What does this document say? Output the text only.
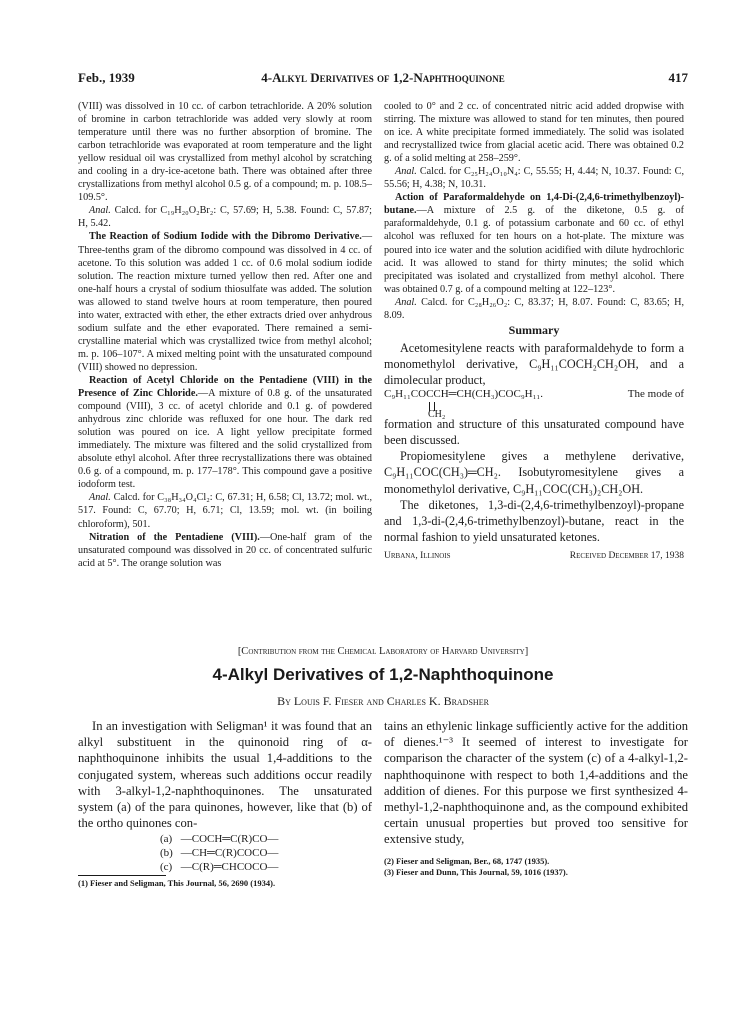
Feb., 1939	4-Alkyl Derivatives of 1,2-Naphthoquinone	417

(VIII) was dissolved in 10 cc. of carbon tetrachloride. A 20% solution of bromine in carbon tetrachloride was added very slowly at room temperature until there was no further absorption of bromine. The carbon tetrachloride was evaporated at room temperature and the light yellow residual oil was crystallized from methyl alcohol by scratching and cooling in a dry-ice-acetone bath. There was obtained after three crystallizations from methyl alcohol 0.5 g. of a compound; m. p. 108.5–109.5°.

Anal. Calcd. for C₁₉H₂₀O₂Br₂: C, 57.69; H, 5.38. Found: C, 57.87; H, 5.42.

The Reaction of Sodium Iodide with the Dibromo Derivative.—Three-tenths gram of the dibromo compound was dissolved in 4 cc. of acetone. To this solution was added 1 cc. of 0.6 molal sodium iodide solution. The reaction mixture turned yellow then red. After one and one-half hours a crystal of sodium thiosulfate was added. The solution was allowed to stand twelve hours at room temperature, then poured into water, extracted with ether, the ether extracts dried over anhydrous sodium sulfate and the ether evaporated. There remained a semi-crystalline material which was crystallized twice from methyl alcohol; m. p. 106–107°. A mixed melting point with the unsaturated compound (VIII) showed no depression.

Reaction of Acetyl Chloride on the Pentadiene (VIII) in the Presence of Zinc Chloride.—A mixture of 0.8 g. of the unsaturated compound (VIII), 3 cc. of acetyl chloride and 0.1 g. of powdered anhydrous zinc chloride was refluxed for one hour. The dark red solution was poured on ice. A light yellow precipitate formed immediately. The mixture was filtered and the solid crystallized from absolute ethyl alcohol. After three recrystallizations there was obtained 0.6 g. of a compound, m. p. 177–178°. This compound gave a positive iodoform test.

Anal. Calcd. for C₃₈H₃₄O₄Cl₂: C, 67.31; H, 6.58; Cl, 13.72; mol. wt., 517. Found: C, 67.70; H, 6.71; Cl, 13.59; mol. wt. (in boiling chloroform), 501.

Nitration of the Pentadiene (VIII).—One-half gram of the unsaturated compound was dissolved in 20 cc. of concentrated sulfuric acid at 5°. The orange solution was

cooled to 0° and 2 cc. of concentrated nitric acid added dropwise with stirring. The mixture was allowed to stand for ten minutes, then poured on ice. A white precipitate formed immediately. The solid was isolated and recrystallized twice from glacial acetic acid. There was obtained 0.2 g. of a solid melting at 258–259°.

Anal. Calcd. for C₂₅H₂₄O₁₀N₄: C, 55.55; H, 4.44; N, 10.37. Found: C, 55.56; H, 4.38; N, 10.31.

Action of Paraformaldehyde on 1,4-Di-(2,4,6-trimethylbenzoyl)-butane.—A mixture of 2.5 g. of the diketone, 0.5 g. of paraformaldehyde, 0.1 g. of potassium carbonate and 60 cc. of ethyl alcohol was refluxed for ten hours on a hot-plate. The mixture was poured into ice water and the solution acidified with dilute hydrochloric acid. It was allowed to stand for thirty minutes; the solid which precipitated was isolated and crystallized from methyl alcohol. There was obtained 0.7 g. of a compound melting at 122–123°.

Anal. Calcd. for C₂₈H₂₆O₂: C, 83.37; H, 8.07. Found: C, 83.65; H, 8.09.

Summary

Acetomesitylene reacts with paraformaldehyde to form a monomethylol derivative, C₉H₁₁COCH₂CH₂OH, and a dimolecular product,

C₉H₁₁COCCH═CH(CH₃)COC₉H₁₁.	The mode of
CH₂

formation and structure of this unsaturated compound have been discussed.

Propiomesitylene gives a methylene derivative, C₉H₁₁COC(CH₃)═CH₂. Isobutyromesitylene gives a monomethylol derivative, C₉H₁₁COC(CH₃)₂CH₂OH.

The diketones, 1,3-di-(2,4,6-trimethylbenzoyl)-propane and 1,3-di-(2,4,6-trimethylbenzoyl)-butane, react in the normal fashion to yield unsaturated ketones.

Urbana, Illinois	Received December 17, 1938
[Contribution from the Chemical Laboratory of Harvard University]
4-Alkyl Derivatives of 1,2-Naphthoquinone
By Louis F. Fieser and Charles K. Bradsher

In an investigation with Seligman¹ it was found that an alkyl substituent in the quinonoid ring of α-naphthoquinone inhibits the usual 1,4-additions to the conjugated system, whereas such additions occur readily with 3-alkyl-1,2-naphthoquinones. The unsaturated system (a) of the para quinones, however, like that (b) of the ortho quinones con-

(a) —COCH═C(R)CO—
(b) —CH═C(R)COCO—
(c) —C(R)═CHCOCO—
(1) Fieser and Seligman, This Journal, 56, 2690 (1934).

tains an ethylenic linkage sufficiently active for the addition of dienes.¹⁻³ It seemed of interest to investigate for comparison the character of the system (c) of a 4-alkyl-1,2-naphthoquinone with respect to both 1,4-additions and the addition of dienes. For this purpose we first synthesized 4-methyl-1,2-naphthoquinone and, as the compound exhibited certain unusual properties but proved too sensitive for extensive study,

(2) Fieser and Seligman, Ber., 68, 1747 (1935).
(3) Fieser and Dunn, This Journal, 59, 1016 (1937).
